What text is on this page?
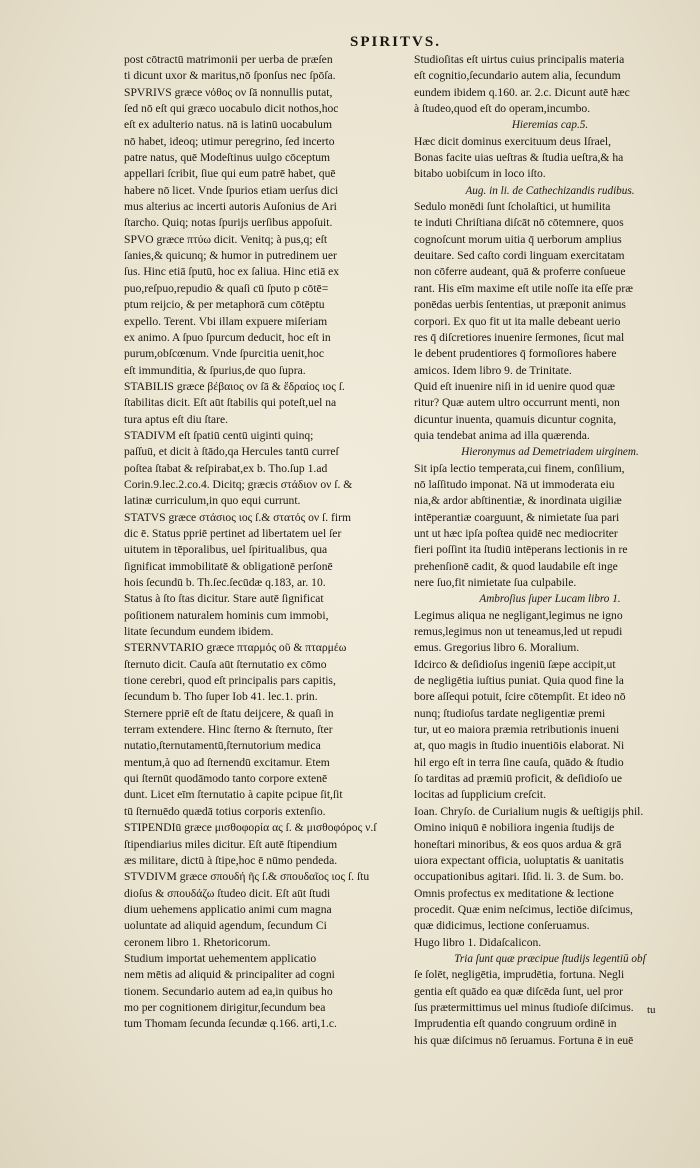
SPIRITVS.
post cōtractū matrimonii per uerba de præſen
ti dicunt uxor & maritus,nō ſponſus nec ſpōſa.
SPVRIVS græce νόθος ον ſā nonnullis putat,
ſed nō eſt qui græco uocabulo dicit nothos,hoc
eſt ex adulterio natus. nā is latinū uocabulum
nō habet, ideoq; utimur peregrino, ſed incerto
patre natus, quē Modeſtinus uulgo cōceptum
appellari ſcribit, ſiue qui eum patrē habet, quē
habere nō licet. Vnde ſpurios etiam uerſus dici
mus alterius ac incerti autoris Auſonius de Ari
ſtarcho. Quiq; notas ſpurijs uerſibus appoſuit.
SPVO græce πτύω dicit. Venitq; à pus,q; eſt
ſanies,& quicunq; & humor in putredinem uer
ſus. Hinc etiā ſputū, hoc ex ſaliua. Hinc etiā ex
puo,reſpuo,repudio & quaſi cū ſputo p cōtē=
ptum reijcio, & per metaphorā cum cōtēptu
expello. Terent. Vbi illam expuere miſeriam
ex animo. A ſpuo ſpurcum deducit, hoc eſt in
purum,obſcœnum. Vnde ſpurcitia uenit,hoc
eſt immunditia, & ſpurius,de quo ſupra.
STABILIS græce βέβαιος ον ſā & ἕδραίος ιος ſ.
ſtabilitas dicit. Eſt aūt ſtabilis qui poteſt,uel na
tura aptus eſt diu ſtare.
STADIVM eſt ſpatiū centū uiginti quinq;
paſſuū, et dicit à ſtādo,qa Hercules tantū curreſ
poſtea ſtabat & reſpirabat,ex b. Tho.ſup 1.ad
Corin.9.lec.2.co.4. Dicitq; græcis στάδιον ον ſ. &
latinæ curriculum,in quo equi currunt.
STATVS græce στάσιος ιος ſ.& στατός ον ſ. firm
dic ē. Status ppriē pertinet ad libertatem uel ſer
uitutem in tēporalibus, uel ſpiritualibus, qua
ſignificat immobilitatē & obligationē perſonē
hois ſecundū b. Th.ſec.ſecūdæ q.183, ar. 10.
Status à ſto ſtas dicitur. Stare autē ſignificat
poſitionem naturalem hominis cum immobi,
litate ſecundum eundem ibidem.
STERNVTARIO græce πταρμός οῦ & πταρμέω
ſternuto dicit. Cauſa aūt ſternutatio ex cōmo
tione cerebri, quod eſt principalis pars capitis,
ſecundum b. Tho ſuper Iob 41. lec.1. prin.
Sternere ppriē eſt de ſtatu deijcere, & quaſi in
terram extendere. Hinc ſterno & ſternuto, ſter
nutatio,ſternutamentū,ſternutorium medica
mentum,à quo ad ſternendū excitamur. Etem
qui ſternūt quodāmodo tanto corpore extenē
dunt. Licet eīm ſternutatio à capite pcipue ſit,ſit
tū ſternuēdo quædā totius corporis extenſio.
STIPENDIū græce μισθοφορία ας ſ. & μισθοφόρος ν.ſ
ſtipendiarius miles dicitur. Eſt autē ſtipendium
æs militare, dictū à ſtipe,hoc ē nūmo pendeda.
STVDIVM græce σπουδή ῆς ſ.& σπουδαῖος ιος ſ. ſtu
dioſus & σπουδάζω ſtudeo dicit. Eſt aūt ſtudi
dium uehemens applicatio animi cum magna
uoluntate ad aliquid agendum, ſecundum Ci
ceronem libro 1. Rhetoricorum.
Studium importat uehementem applicatio
nem mētis ad aliquid & principaliter ad cogni
tionem. Secundario autem ad ea,in quibus ho
mo per cognitionem dirigitur,ſecundum bea
tum Thomam ſecunda ſecundæ q.166. arti,1.c.
Studioſitas eſt uirtus cuius principalis materia
eſt cognitio,ſecundario autem alia, ſecundum
eundem ibidem q.160. ar. 2.c. Dicunt autē hæc
à ſtudeo,quod eſt do operam,incumbo.
Hieremias cap.5.
Hæc dicit dominus exercituum deus Iſrael,
Bonas facite uias ueſtras & ſtudia ueſtra,& ha
bitabo uobiſcum in loco iſto.
Aug. in li. de Cathechizandis rudibus.
Sedulo monēdi ſunt ſcholaſtici, ut humilita
te induti Chriſtiana diſcāt nō cōtemnere, quos
cognoſcunt morum uitia q̄ uerborum amplius
deuitare. Sed caſto cordi linguam exercitatam
non cōferre audeant, quā & proferre conſueue
rant. His eīm maxime eſt utile noſſe ita eſſe præ
ponēdas uerbis ſententias, ut præponit animus
corpori. Ex quo fit ut ita malle debeant uerio
res q̄ diſcretiores inuenire ſermones, ſicut mal
le debent prudentiores q̄ formoſiores habere
amicos. Idem libro 9. de Trinitate.
Quid eſt inuenire niſi in id uenire quod quæ
ritur? Quæ autem ultro occurrunt menti, non
dicuntur inuenta, quamuis dicuntur cognita,
quia tendebat anima ad illa quærenda.
Hieronymus ad Demetriadem uirginem.
Sit ipſa lectio temperata,cui finem, conſilium,
nō laſſitudo imponat. Nā ut immoderata eiu
nia,& ardor abſtinentiæ, & inordinata uigiliæ
intēperantiæ coarguunt, & nimietate ſua pari
unt ut hæc ipſa poſtea quidē nec mediocriter
fieri poſſint ita ſtudiū intēperans lectionis in re
prehenſionē cadit, & quod laudabile eſt inge
nere ſuo,fit nimietate ſua culpabile.
Ambroſius ſuper Lucam libro 1.
Legimus aliqua ne negligant,legimus ne igno
remus,legimus non ut teneamus,led ut repudi
emus. Gregorius libro 6. Moralium.
Idcirco & deſidioſus ingeniū ſæpe accipit,ut
de negligētia iuſtius puniat. Quia quod fine la
bore aſſequi potuit, ſcire cōtempſit. Et ideo nō
nunq; ſtudioſus tardate negligentiæ premi
tur, ut eo maiora præmia retributionis inueni
at, quo magis in ſtudio inuentiōis elaborat. Ni
hil ergo eſt in terra ſine cauſa, quādo & ſtudio
ſo tarditas ad præmiū proficit, & deſidioſo ue
locitas ad ſupplicium creſcit.
Ioan. Chryſo. de Curialium nugis & ueſtigijs phil.
Omino iniquū ē nobiliora ingenia ſtudijs de
honeſtari minoribus, & eos quos ardua & grā
uiora expectant officia, uoluptatis & uanitatis
occupationibus agitari. Iſid. li. 3. de Sum. bo.
Omnis profectus ex meditatione & lectione
procedit. Quæ enim neſcimus, lectiōe diſcimus,
quæ didicimus, lectione conſeruamus.
Hugo libro 1. Didaſcalicon.
Tria ſunt quæ præcipue ſtudijs legentiū obſ
ſe ſolēt, negligētia, imprudētia, fortuna. Negli
gentia eſt quādo ea quæ diſcēda ſunt, uel pror
ſus prætermittimus uel minus ſtudioſe diſcimus.
Imprudentia eſt quando congruum ordinē in
his quæ diſcimus nō ſeruamus. Fortuna ē in euē
tu
